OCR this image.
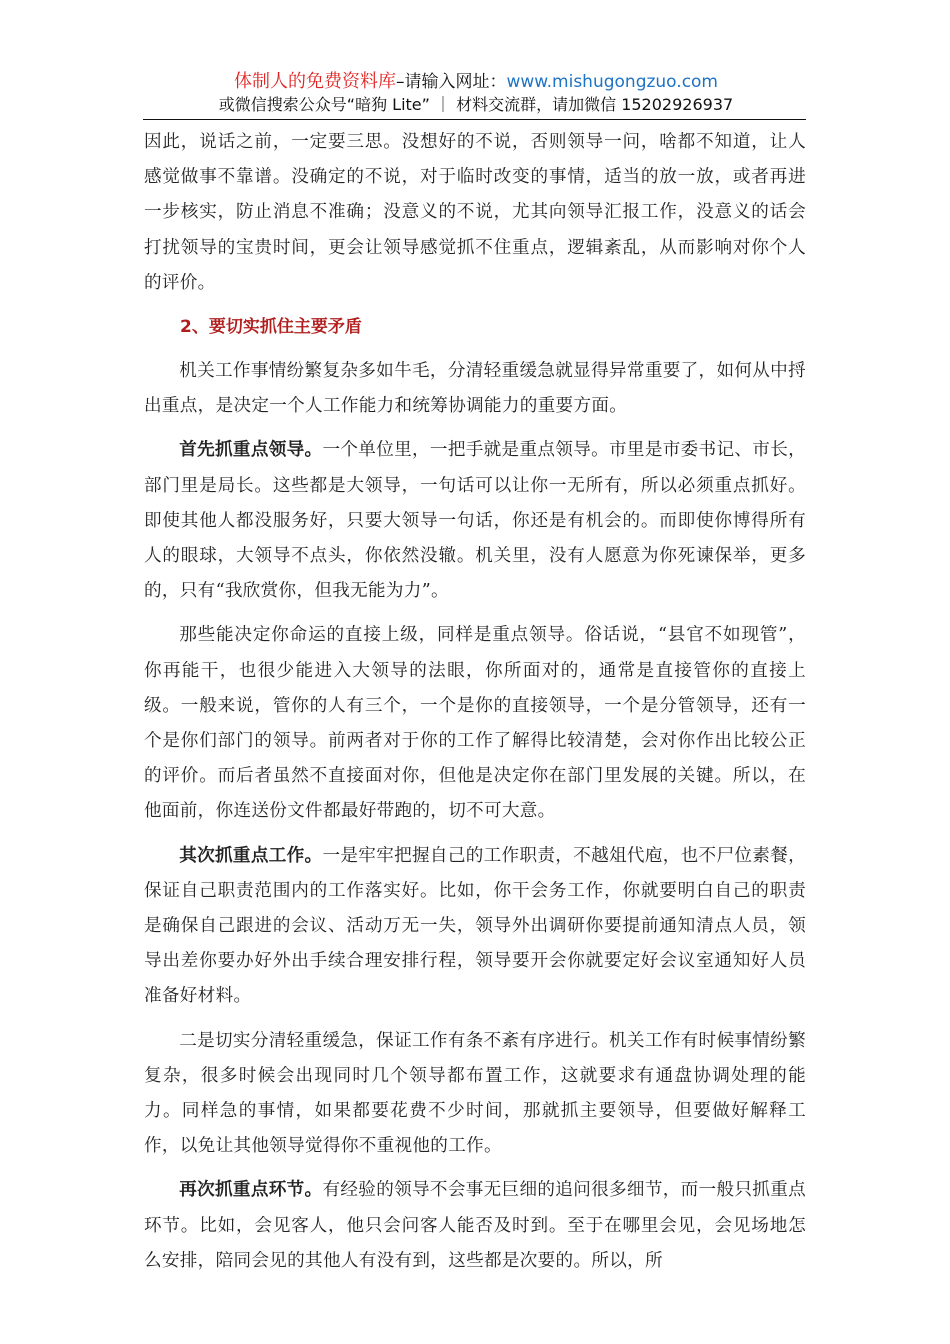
体制人的免费资料库–请输入网址：www.mishugongzuo.com
或微信搜索公众号“暗狗 Lite” ｜ 材料交流群，请加微信 15202926937

因此，说话之前，一定要三思。没想好的不说，否则领导一问，啥都不知道，让人感觉做事不靠谱。没确定的不说，对于临时改变的事情，适当的放一放，或者再进一步核实，防止消息不准确；没意义的不说，尤其向领导汇报工作，没意义的话会打扰领导的宝贵时间，更会让领导感觉抓不住重点，逻辑紊乱，从而影响对你个人的评价。

2、要切实抓住主要矛盾

机关工作事情纷繁复杂多如牛毛，分清轻重缓急就显得异常重要了，如何从中捋出重点，是决定一个人工作能力和统筹协调能力的重要方面。

首先抓重点领导。一个单位里，一把手就是重点领导。市里是市委书记、市长，部门里是局长。这些都是大领导，一句话可以让你一无所有，所以必须重点抓好。即使其他人都没服务好，只要大领导一句话，你还是有机会的。而即使你博得所有人的眼球，大领导不点头，你依然没辙。机关里，没有人愿意为你死谏保举，更多的，只有“我欣赏你，但我无能为力”。

那些能决定你命运的直接上级，同样是重点领导。俗话说，“县官不如现管”，你再能干，也很少能进入大领导的法眼，你所面对的，通常是直接管你的直接上级。一般来说，管你的人有三个，一个是你的直接领导，一个是分管领导，还有一个是你们部门的领导。前两者对于你的工作了解得比较清楚，会对你作出比较公正的评价。而后者虽然不直接面对你，但他是决定你在部门里发展的关键。所以，在他面前，你连送份文件都最好带跑的，切不可大意。

其次抓重点工作。一是牢牢把握自己的工作职责，不越俎代庖，也不尸位素餐，保证自己职责范围内的工作落实好。比如，你干会务工作，你就要明白自己的职责是确保自己跟进的会议、活动万无一失，领导外出调研你要提前通知清点人员，领导出差你要办好外出手续合理安排行程，领导要开会你就要定好会议室通知好人员准备好材料。

二是切实分清轻重缓急，保证工作有条不紊有序进行。机关工作有时候事情纷繁复杂，很多时候会出现同时几个领导都布置工作，这就要求有通盘协调处理的能力。同样急的事情，如果都要花费不少时间，那就抓主要领导，但要做好解释工作，以免让其他领导觉得你不重视他的工作。

再次抓重点环节。有经验的领导不会事无巨细的追问很多细节，而一般只抓重点环节。比如，会见客人，他只会问客人能否及时到。至于在哪里会见，会见场地怎么安排，陪同会见的其他人有没有到，这些都是次要的。所以，所
